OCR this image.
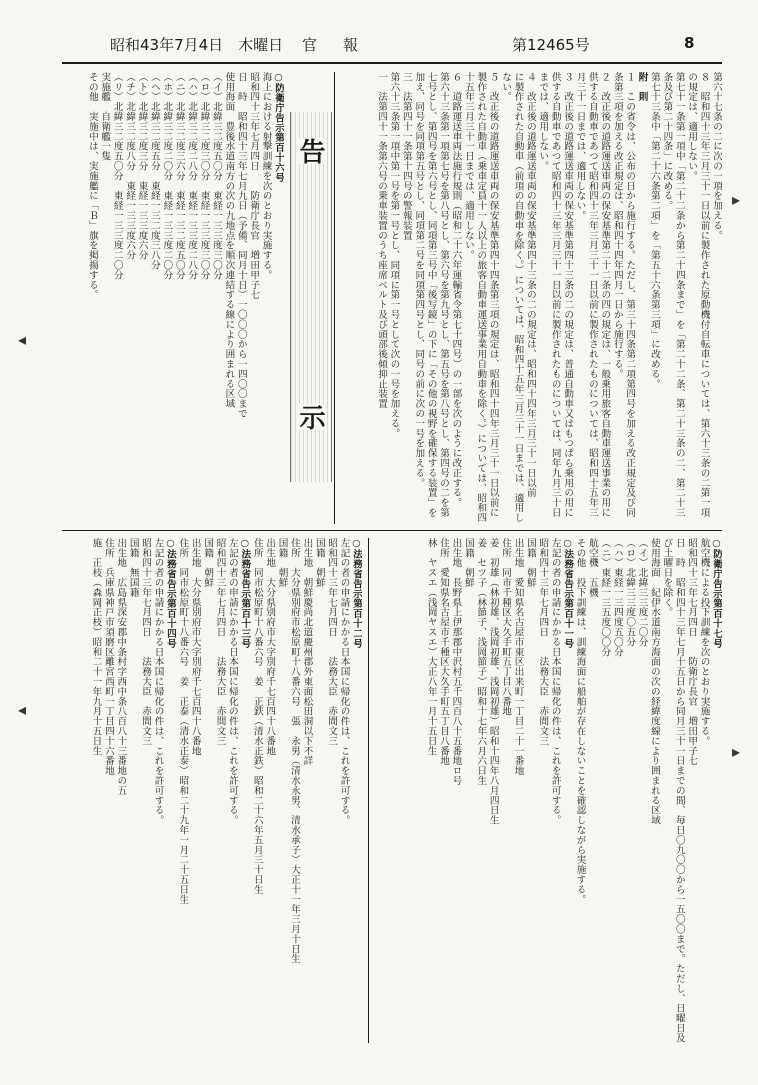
昭和43年7月4日　木曜日 官報	第12465号	8

第六十七条の二に次の一項を加える。

８　昭和四十三年三月三十一日以前に製作された原動機付自転車については、第六十三条の二第一項の規定は、適用しない。

第七十一条第一項中「第二十二条から第二十四条まで」を「第二十二条、第二十三条の二、第二十三条及び第二十四条」に改める。

第七十三条中「第二十六条第二項」を「第五十六条第三項」に改める。

附　則

１　この省令は、公布の日から施行する。ただし、第三十四条第二項第四号を加える改正規定及び同条第三項を加える改正規定は、昭和四十四年四月一日から施行する。

２　改正後の道路運送車両の保安基準第二十二条の四の規定は、一般乗用旅客自動車運送事業の用に供する自動車であつて昭和四十三年三月三十一日以前に製作されたものについては、昭和四十五年三月三十一日までは、適用しない。

３　改正後の道路運送車両の保安基準第四十三条の二の規定は、普通自動車又はもつぱら乗用の用に供する自動車であつて昭和四十三年三月三十一日以前に製作されたものについては、同年九月三十日までは、適用しない。

４　改正後の道路運送車両の保安基準第四十三条の二の規定は、昭和四十四年三月三十一日以前

に製作された自動車（前項の自動車を除く。）については、昭和四十五年三月三十一日までは、適用しない。

５　改正後の道路運送車両の保安基準第四十四条第三項の規定は、昭和四十四年三月三十一日以前に製作された自動車（乗車定員十一人以上の旅客自動車運送事業用自動車を除く。）については、昭和四十五年三月三十一日までは、適用しない。

６　道路運送車両法施行規則（昭和二十六年運輸省令第七十四号）の一部を次のように改正する。

第六十三条第一項第七号を第八号とし、第六号を第九号とし、第五号を第八号とし、第四号の二を第七号とし、第四号を第六号とし、同項第三号中「後写鏡」の下に「その他の視野を確保する装置」を加え、同号を同項第五号とし、同項第二号を同項第四号とし、同号の前に次の一号を加える。

三　法第四十一条第十四号の警報装置

第六十三条第一項中第一号を第一号とし、同項に第一号として次の一号を加える。

一　法第四十一条第六号の乗車装置のうち座席ベルト及び頭部後傾抑止装置

告
示

○防衛庁告示第百十六号

海上における射撃訓練を次のとおり実施する。

昭和四十三年七月四日　　防衛庁長官　増田甲子七

日　時　昭和四十三年七月九日（予備、同月十日）一〇〇〇から一四〇〇まで

使用海面　豊後水道南方の次の九地点を順次連結する線により囲まれる区域

（イ）北緯三二度五〇分　東経一三三度三〇分

（ロ）北緯三二度三〇分　東経一三三度三〇分

（ハ）北緯三二度二八分　東経一三三度二八分

（ニ）北緯三二度三六分　東経一三二度五〇分

（ホ）北緯三二度二〇分　東経一三三度二〇分

（ヘ）北緯三二度五分　東経一三二度三八分

（ト）北緯三二度三分　東経一三三度六分

（チ）北緯三二度八分　東経一三三度六分

（リ）北緯三二度五〇分　東経一三三度二〇分

実施艦　自衛艦一隻

その他　実施中は、実施艦に「Ｂ」旗を掲揚する。

○防衛庁告示第百十七号

航空機による投下訓練を次のとおり実施する。

昭和四十三年七月四日　　防衛庁長官　増田甲子七

日　時　昭和四十三年七月十五日から同月三十一日までの間、毎日〇九〇〇から一五〇〇まで。ただし、日曜日及び土曜日を除く。

使用海面　紀伊水道南方海面の次の経緯度線により囲まれる区域

（イ）北緯三三度二〇分

（ロ）北緯三三度〇五分

（ハ）東経一三四度五〇分

（ニ）東経一三五度〇〇分

航空機　五機

その他　投下訓練は、訓練海面に船舶が存在しないことを確認しながら実施する。

○法務省告示第百十一号

左記の者の申請にかかる日本国に帰化の件は、これを許可する。

昭和四十三年七月四日　　法務大臣　赤間文三

国籍　朝鮮

出生地　愛知県名古屋市東区出来町一丁目二十一番地

住所　同市千種区大久手町五丁目八番地

姜　初雄（林初雄、浅岡初雄、浅岡初雄）昭和十四年八月四日生

姜　セツ子（林節子、浅岡節子）昭和十七年六月六日生

国籍　朝鮮

出生地　長野県上伊那郡中沢村五千四百八十五番地ロ号

住所　愛知県名古屋市千種区大久手町五丁目八番地

林　ヤスエ（浅岡ヤスエ）大正八年一月十五日生

○法務省告示第百十二号

左記の者の申請にかかる日本国に帰化の件は、これを許可する。

昭和四十三年七月四日　　法務大臣　赤間文三

国籍　朝鮮

出生地　朝鮮慶尚北道慶州郡外東面松田洞以下不詳

住所　大分県別府市松原町十八番六号　張　永男（清水永男、清水承子）大正十一年三月十日生

国籍　朝鮮

出生地　大分県別府市大字別府千七百四十八番地

住所　同市松原町十八番六号　姜　正鉄（清水正鉄）昭和二十六年五月三十日生

○法務省告示第百十三号

左記の者の申請にかかる日本国に帰化の件は、これを許可する。

昭和四十三年七月四日　　法務大臣　赤間文三

国籍　朝鮮

出生地　大分県別府市大字別府千七百四十八番地

住所　同市松原町十八番六号　姜　正泰（清水正泰）昭和二十九年一月二十五日生

○法務省告示第百十四号

左記の者の申請にかかる日本国に帰化の件は、これを許可する。

昭和四十三年七月四日　　法務大臣　赤間文三

国籍　無国籍

出生地　広島県深安郡中条村字西中条八百八十三番地の五

住所　兵庫県神戸市須磨区離宮西町一丁目四十六番地

施　正枝（森岡正枝）昭和二十一年九月十五日生

◂
◂
▸
▸
